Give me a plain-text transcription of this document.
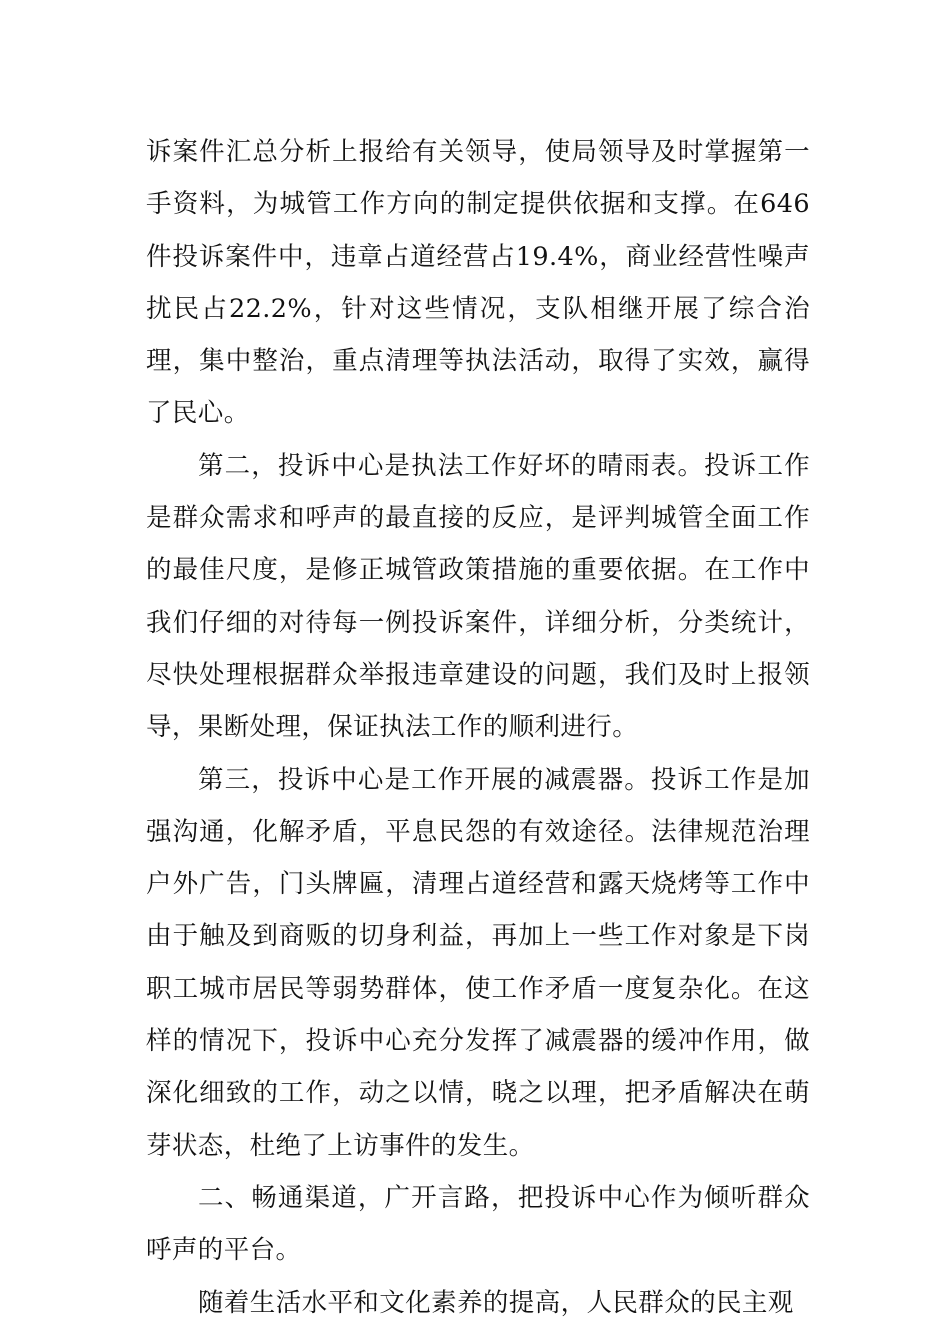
诉案件汇总分析上报给有关领导，使局领导及时掌握第一手资料，为城管工作方向的制定提供依据和支撑。在646件投诉案件中，违章占道经营占19.4%，商业经营性噪声扰民占22.2%，针对这些情况，支队相继开展了综合治理，集中整治，重点清理等执法活动，取得了实效，赢得了民心。

第二，投诉中心是执法工作好坏的晴雨表。投诉工作是群众需求和呼声的最直接的反应，是评判城管全面工作的最佳尺度，是修正城管政策措施的重要依据。在工作中我们仔细的对待每一例投诉案件，详细分析，分类统计，尽快处理根据群众举报违章建设的问题，我们及时上报领导，果断处理，保证执法工作的顺利进行。

第三，投诉中心是工作开展的减震器。投诉工作是加强沟通，化解矛盾，平息民怨的有效途径。法律规范治理户外广告，门头牌匾，清理占道经营和露天烧烤等工作中由于触及到商贩的切身利益，再加上一些工作对象是下岗职工城市居民等弱势群体，使工作矛盾一度复杂化。在这样的情况下，投诉中心充分发挥了减震器的缓冲作用，做深化细致的工作，动之以情，晓之以理，把矛盾解决在萌芽状态，杜绝了上访事件的发生。

二、畅通渠道，广开言路，把投诉中心作为倾听群众呼声的平台。

随着生活水平和文化素养的提高，人民群众的民主观
